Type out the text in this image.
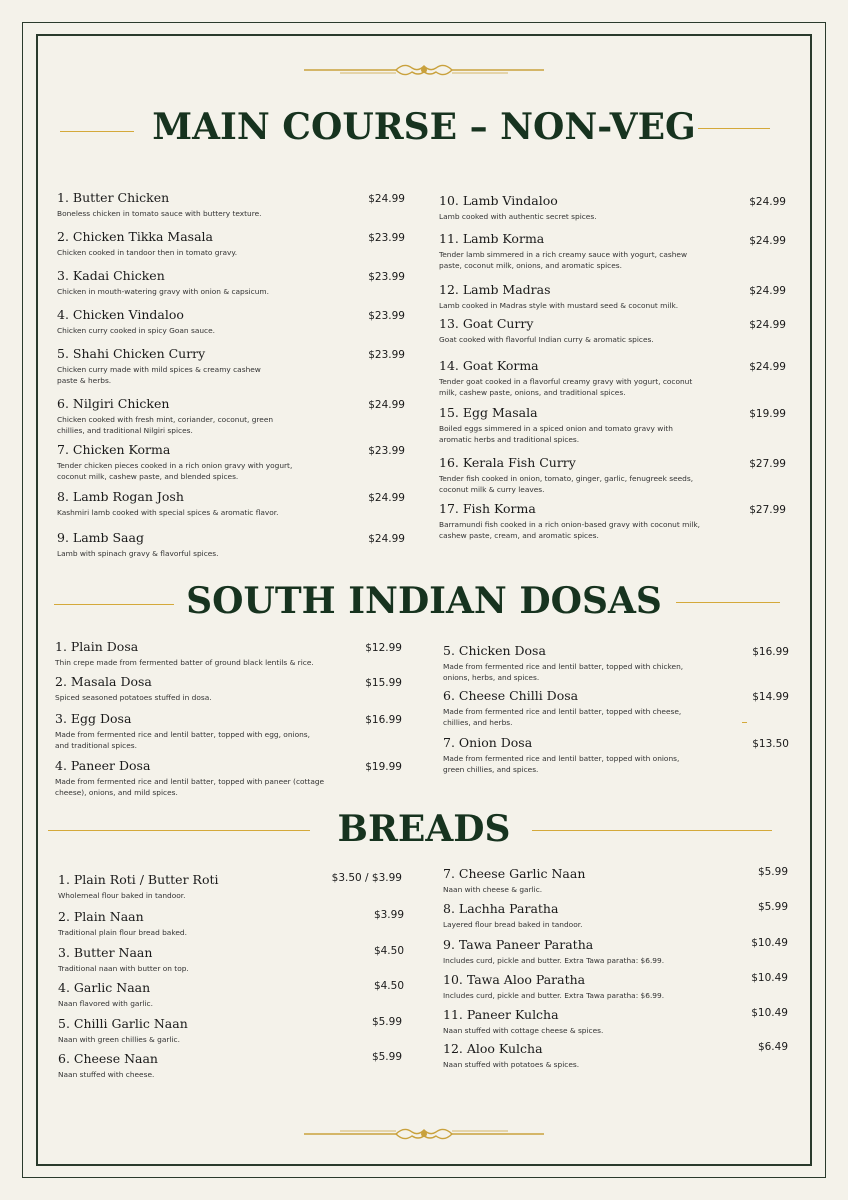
MAIN COURSE – NON-VEG
SOUTH INDIAN DOSAS
BREADS
1. Butter Chicken
Boneless chicken in tomato sauce with buttery texture.
$24.99
2. Chicken Tikka Masala
Chicken cooked in tandoor then in tomato gravy.
$23.99
3. Kadai Chicken
Chicken in mouth-watering gravy with onion & capsicum.
$23.99
4. Chicken Vindaloo
Chicken curry cooked in spicy Goan sauce.
$23.99
5. Shahi Chicken Curry
Chicken curry made with mild spices & creamy cashew paste & herbs.
$23.99
6. Nilgiri Chicken
Chicken cooked with fresh mint, coriander, coconut, green chillies, and traditional Nilgiri spices.
$24.99
7. Chicken Korma
Tender chicken pieces cooked in a rich onion gravy with yogurt, coconut milk, cashew paste, and blended spices.
$23.99
8. Lamb Rogan Josh
Kashmiri lamb cooked with special spices & aromatic flavor.
$24.99
9. Lamb Saag
Lamb with spinach gravy & flavorful spices.
$24.99
10. Lamb Vindaloo
Lamb cooked with authentic secret spices.
$24.99
11. Lamb Korma
Tender lamb simmered in a rich creamy sauce with yogurt, cashew paste, coconut milk, onions, and aromatic spices.
$24.99
12. Lamb Madras
Lamb cooked in Madras style with mustard seed & coconut milk.
$24.99
13. Goat Curry
Goat cooked with flavorful Indian curry & aromatic spices.
$24.99
14. Goat Korma
Tender goat cooked in a flavorful creamy gravy with yogurt, coconut milk, cashew paste, onions, and traditional spices.
$24.99
15. Egg Masala
Boiled eggs simmered in a spiced onion and tomato gravy with aromatic herbs and traditional spices.
$19.99
16. Kerala Fish Curry
Tender fish cooked in onion, tomato, ginger, garlic, fenugreek seeds, coconut milk & curry leaves.
$27.99
17. Fish Korma
Barramundi fish cooked in a rich onion-based gravy with coconut milk, cashew paste, cream, and aromatic spices.
$27.99
1. Plain Dosa
Thin crepe made from fermented batter of ground black lentils & rice.
$12.99
2. Masala Dosa
Spiced seasoned potatoes stuffed in dosa.
$15.99
3. Egg Dosa
Made from fermented rice and lentil batter, topped with egg, onions, and traditional spices.
$16.99
4. Paneer Dosa
Made from fermented rice and lentil batter, topped with paneer (cottage cheese), onions, and mild spices.
$19.99
5. Chicken Dosa
Made from fermented rice and lentil batter, topped with chicken, onions, herbs, and spices.
$16.99
6. Cheese Chilli Dosa
Made from fermented rice and lentil batter, topped with cheese, chillies, and herbs.
$14.99
7. Onion Dosa
Made from fermented rice and lentil batter, topped with onions, green chillies, and spices.
$13.50
1. Plain Roti / Butter Roti
Wholemeal flour baked in tandoor.
$3.50 / $3.99
2. Plain Naan
Traditional plain flour bread baked.
$3.99
3. Butter Naan
Traditional naan with butter on top.
$4.50
4. Garlic Naan
Naan flavored with garlic.
$4.50
5. Chilli Garlic Naan
Naan with green chillies & garlic.
$5.99
6. Cheese Naan
Naan stuffed with cheese.
$5.99
7. Cheese Garlic Naan
Naan with cheese & garlic.
$5.99
8. Lachha Paratha
Layered flour bread baked in tandoor.
$5.99
9. Tawa Paneer Paratha
Includes curd, pickle and butter. Extra Tawa paratha: $6.99.
$10.49
10. Tawa Aloo Paratha
Includes curd, pickle and butter. Extra Tawa paratha: $6.99.
$10.49
11. Paneer Kulcha
Naan stuffed with cottage cheese & spices.
$10.49
12. Aloo Kulcha
Naan stuffed with potatoes & spices.
$6.49
